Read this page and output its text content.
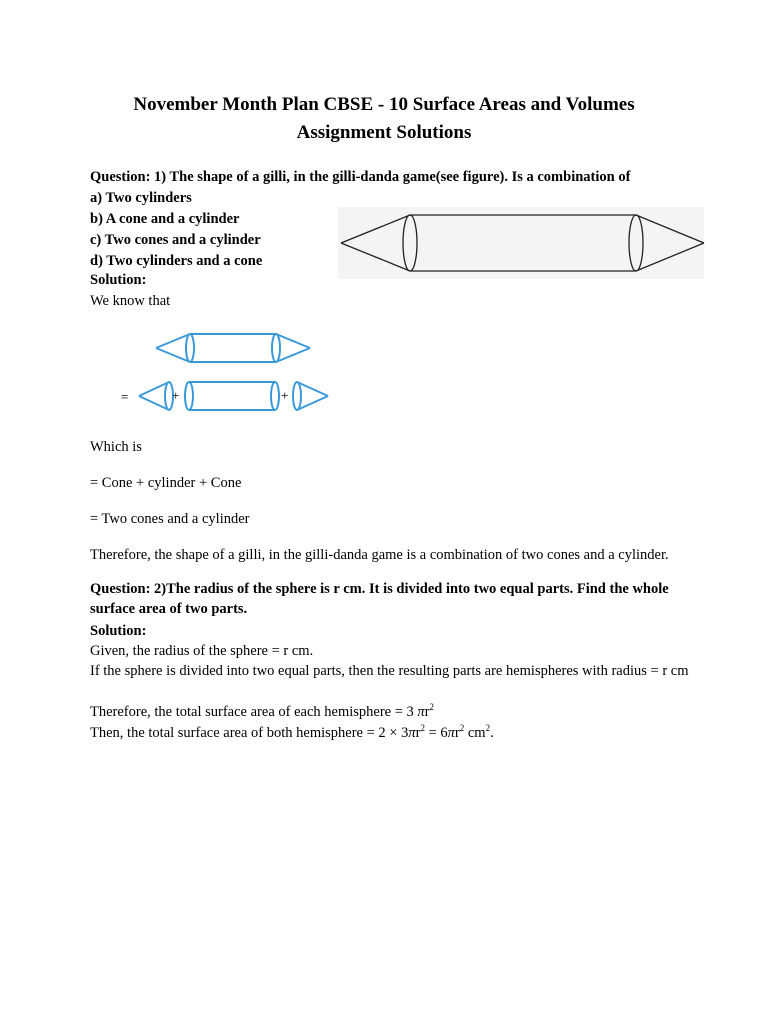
November Month Plan CBSE - 10 Surface Areas and Volumes
Assignment Solutions
Question: 1) The shape of a gilli, in the gilli-danda game(see figure). Is a combination of
a) Two cylinders
b) A cone and a cylinder
c) Two cones and a cylinder
d) Two cylinders and a cone
Solution:
We know that
=	+	+
Which is
= Cone + cylinder + Cone
= Two cones and a cylinder
Therefore, the shape of a gilli, in the gilli-danda game is a combination of two cones and a cylinder.
Question: 2)The radius of the sphere is r cm. It is divided into two equal parts. Find the whole surface area of two parts.
Solution:
Given, the radius of the sphere = r cm.
If the sphere is divided into two equal parts, then the resulting parts are hemispheres with radius = r cm
Therefore, the total surface area of each hemisphere = 3 $\pi r^2$
Then, the total surface area of both hemisphere = $2 \times 3\pi r^2 = 6\pi r^2$ $cm^2$.
